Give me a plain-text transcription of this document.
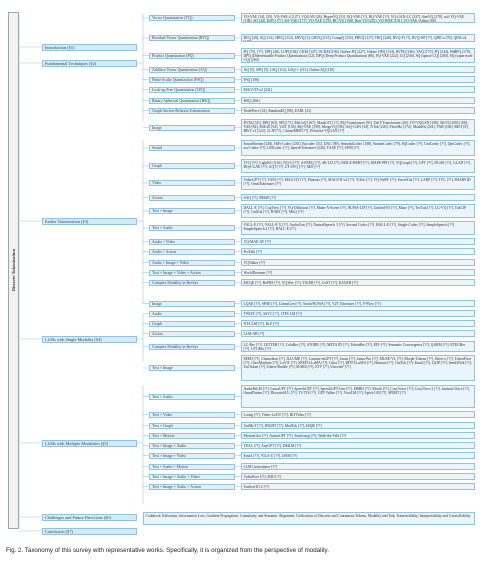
Discrete Tokenization
Introduction (§1)
Fundamental Techniques (§2)
Earlier Tokenization (§3)
LLMs with Single Modality (§4)
LLMs with Multiple Modalities (§5)
Challenges and Future Directions (§6)
Conclusion (§7)
Codebook Utilization, Information Loss, Gradient Propagation, Granularity and Semantic Alignment, Unification of Discrete and Continuous Tokens, Modality and Task Transferability, Interpretability and Controllability
Vector Quantization (VQ)	VQ-VAE [14], [25], VQ-VAE-2 [127], VQGAN [26], HyperVQ [51], EQ-VAE [??], RQ-VAE [??], VQ-GAN-LC [237], SimVQ [278], soft VQ-VAE [138], SQ [44], HiVQ [??], SQ-VAE [177], VQ-VAE [178], HC-VQ [196], Reg-VQ [255], VQ-WAE [191], VQ-VAE+Affine [60]
Residual Vector Quantization (RVQ)	RVQ [28], SQ [131], IRVQ [114], ERVQ [3], GRVQ [115], CompQ [155], PRVQ [117], TRQ [240], RVQ-P [??], RVQ-NP [??], QINCo [70], QINCo2 [147]
Product Quantization (PQ)
PQ [75], [??], OPQ [46], LOPQ [84], CKM [147], OCKM [196], Online PQ [227], Online OPQ [134], RVPQ [146], VAQ [175], PQ [244], HiHPQ [170], DPQ (Differentiable Product Quantization) [22], DPQ (Deep Product Quantization) [86], PQ-VAE [222], CQ [236], SQ (sparse CQ) [260], SQ (supervised CQ) [204]
Additive Vector Quantization (AQ)	AQ [5], APQ [5], LSQ [112], LSQ++ [113], Online AQ [110]
Finite Scalar Quantization (FSQ)	FSQ [106]
Look-up Free Quantization (LFQ)	MAGVIT-v2 [242]
Binary Spherical Quantization (BSQ)	BSQ [266]
Graph Anchor-Relation Tokenization	NodePiece [42], RandomEQ [96], EARL [21]
Image
DVAQ [23], DPQ [63], SPQ [71], MeCoQ [167], MaskGIT [17], RQ-Transformer [91], DeiT-Transformer [26], ViT-VQGAN [239], MoVQ [265], MQ-VAE [64], MAGE [94], ViLT [156], RQ-VAE [199], MergeVQ [96], SeQ-GAN [34], TiTok [243], FlowMo [172], MaskBit [234], VAR [166], BEiT [8], BEiT v2 [122], CLIP [??], ClusterMIM [??], Efficient-VQGAN [??]
Sound
SoundStream [246], HiFi-Codec [235], Encodec [31], DAC [89], SemantiCodec [108], StreamCodec [79], SQCodec [??], UniCodec [??], QinCodec [??], ess-Codec [??], LMCodec [??], SpeechTokenizer [226], TAAE [??], UPM [??]
Graph
TI-Q [??], LightKG [116], NQ-G [??], d-SNEQ [??], dK-LD [??], MOLE-BERT [??], MAPE-PPI [??], VQGraph [??], GFT [??], DGAE [??], GLAD [??], HQA-GAE [??], GQT [??], GT-SVQ [??], NID [??]
Video
VideoGPT [??], TATS [??], MAGVIT [??], Phenaki [??], MAGVIT-v2 [??], ViTok [??], VQ-NeRV [??], SweetTok [??], LARP [??], TVC [??], SHARVID [??], OmniTokenizer [??]
Action	SAQ [??], PRISE [??]
Text + Image
DALL-E [??], CogView [??], VQ-Diffusion [??], Make-A-Scene [??], NUWA-LIP [??], Unified-IO [??], Muse [??], TexTok [??], LG-VQ [??], TokLIP [??], UniTok [??], HART [??], MoQ [??]
Text + Audio
VALL-E [??], VALL-E X [??], AudioGen [??], NaturalSpeech 3 [??], Second Codec [??], HALL-E [??], Single-Codec [??], SimpleSpeech [??], SimpleSpeech 2 [??], BALL-E [??]
Audio + Video	VQ-MAE-AV [??]
Audio + Action	ProTalk [??]
Audio + Image + Video	VQTalker [??]
Text + Image + Video + Action	WorldDreamer [??]
Complex Modality in RecSys	MCQE [??], ReFRS [??], VQ-Rec [??], TIGER [??], CoST [??], EAGER [??]
Image	LQAE [??], SPAE [??], LlamaGen [??], StrokeNUWA [??], V2T Tokenizer [??], V²Flow [??]
Audio	TWIST [??], SSVC [??], JTFS LM [??]
Graph	NT-LLM [??], Dr.E [??]
Action	LLM-AR [??]
Complex Modality in RecSys	LC-Rec [??], LETTER [??], ColaRec [??], STORE [??], META ID [??], TokenRec [??], ED² [??], Semantic Convergence [??], QARM [??], ETEGRec [??], UTGRec [??]
Text + Image
SEED [??], Chameleon [??], ILLUME [??], Lumina-mGPT [??], Janus [??], Janus-Pro [??], MUSE-VL [??], Morph-Tokens [??], Show-o [??], TokenFlow [??], ClawMachine [??], LaViT [??], SEED-LLaMA [??], Libra [??], DDT-LLaMA [??], Harmon [??], UniTok [??], Emu3 [??], QLIP [??], SemHiTok [??], UniToken [??], Token-Shuffle [??], MARS [??], ETT [??], Unicode² [??]
Text + Audio
AudioPaLM [??], LauraGPT [??], SpeechGPT [??], SpeechGPT-Gen [??], MMRI [??], Moshi [??], CosyVoice [??], CosyVoice 2 [??], IntrinsicVoice [??], OmniFlatten [??], DiscreteSLU [??], TI-TTS [??], GPT-Talker [??], VoxtLM [??], Spirit-LM [??], SPIRIT [??]
Text + Video	Loong [??], Video-LaViT [??], HiTVideo [??]
Text + Graph	UniMoT [??], HIGHT [??], MedTok [??], SSQR [??]
Text + Motion	MotionGlot [??], AvatarGPT [??], SemGrasp [??], Walk-the-Talk [??]
Text + Image + Audio	TEAL [??], AnyGPT [??], DMLM [??]
Text + Image + Video	Emu3 [??], VILA-U [??], LWM [??]
Text + Audio + Motion	LLM Gesticulator [??]
Text + Image + Audio + Video	VideoPoet [??], MIO [??]
Text + Image + Audio + Action	Unified-IO 2 [??]
Fig. 2. Taxonomy of this survey with representative works. Specifically, it is organized from the perspective of modality.
